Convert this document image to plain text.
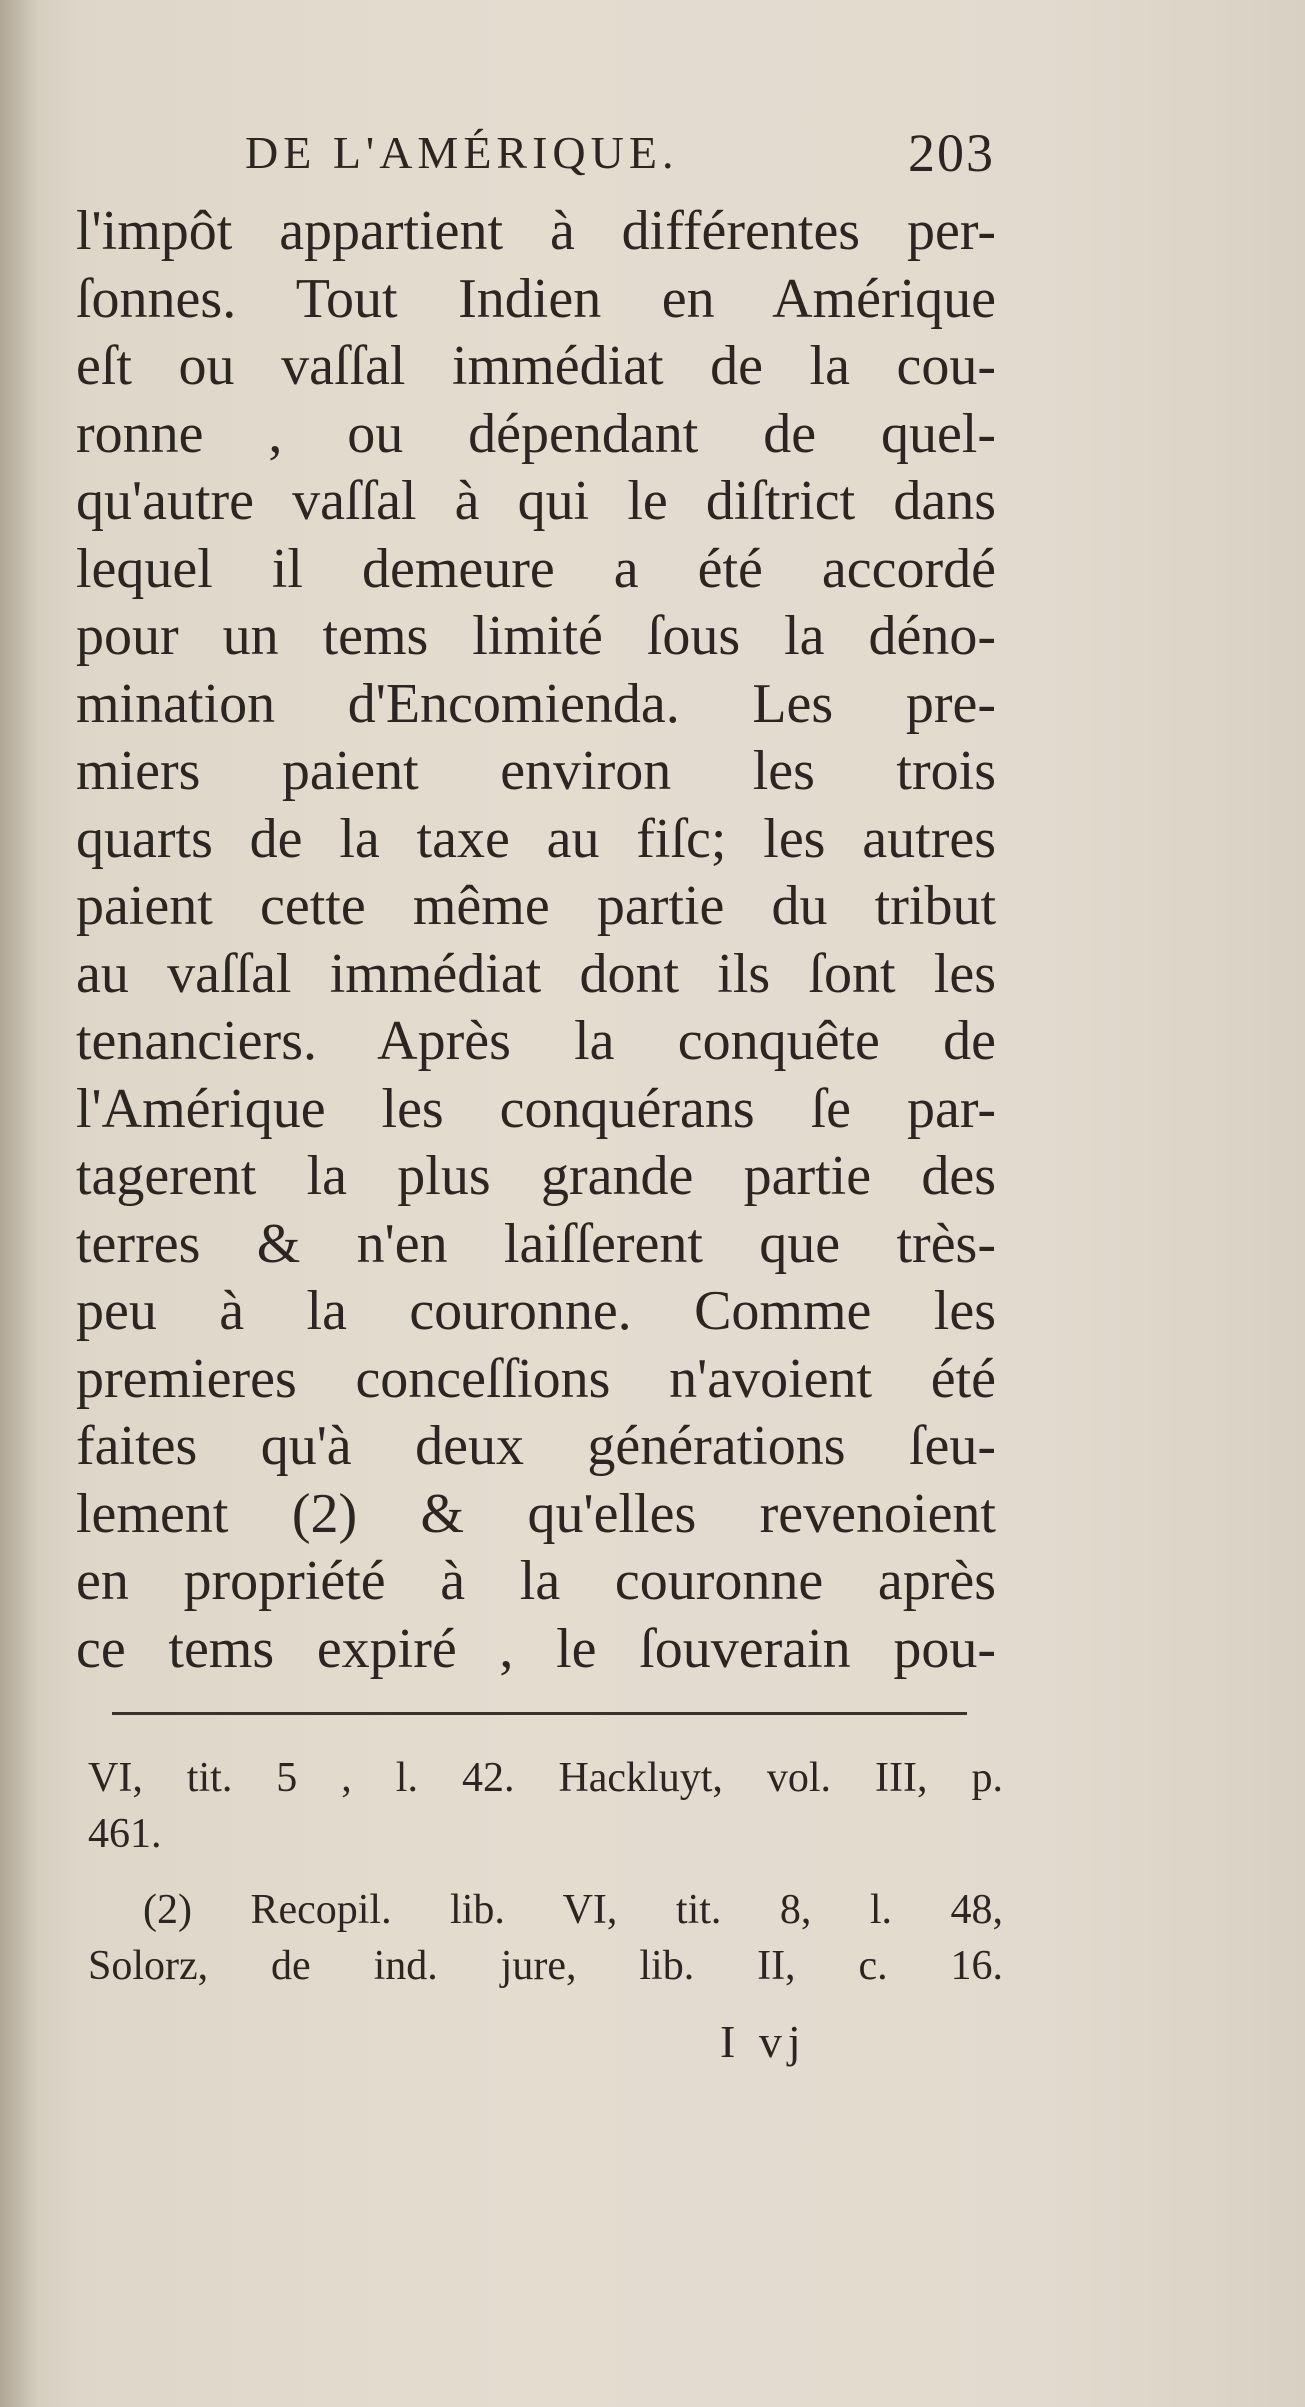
DE L'AMÉRIQUE.	203
l'impôt appartient à différentes per-
ſonnes. Tout Indien en Amérique
eſt ou vaſſal immédiat de la cou-
ronne , ou dépendant de quel-
qu'autre vaſſal à qui le diſtrict dans
lequel il demeure a été accordé
pour un tems limité ſous la déno-
mination d'Encomienda. Les pre-
miers paient environ les trois
quarts de la taxe au fiſc; les autres
paient cette même partie du tribut
au vaſſal immédiat dont ils ſont les
tenanciers. Après la conquête de
l'Amérique les conquérans ſe par-
tagerent la plus grande partie des
terres & n'en laiſſerent que très-
peu à la couronne. Comme les
premieres conceſſions n'avoient été
faites qu'à deux générations ſeu-
lement (2) & qu'elles revenoient
en propriété à la couronne après
ce tems expiré , le ſouverain pou-
VI, tit. 5 , l. 42. Hackluyt, vol. III, p.
461.
(2) Recopil. lib. VI, tit. 8, l. 48,
Solorz, de ind. jure, lib. II, c. 16.
I vj
